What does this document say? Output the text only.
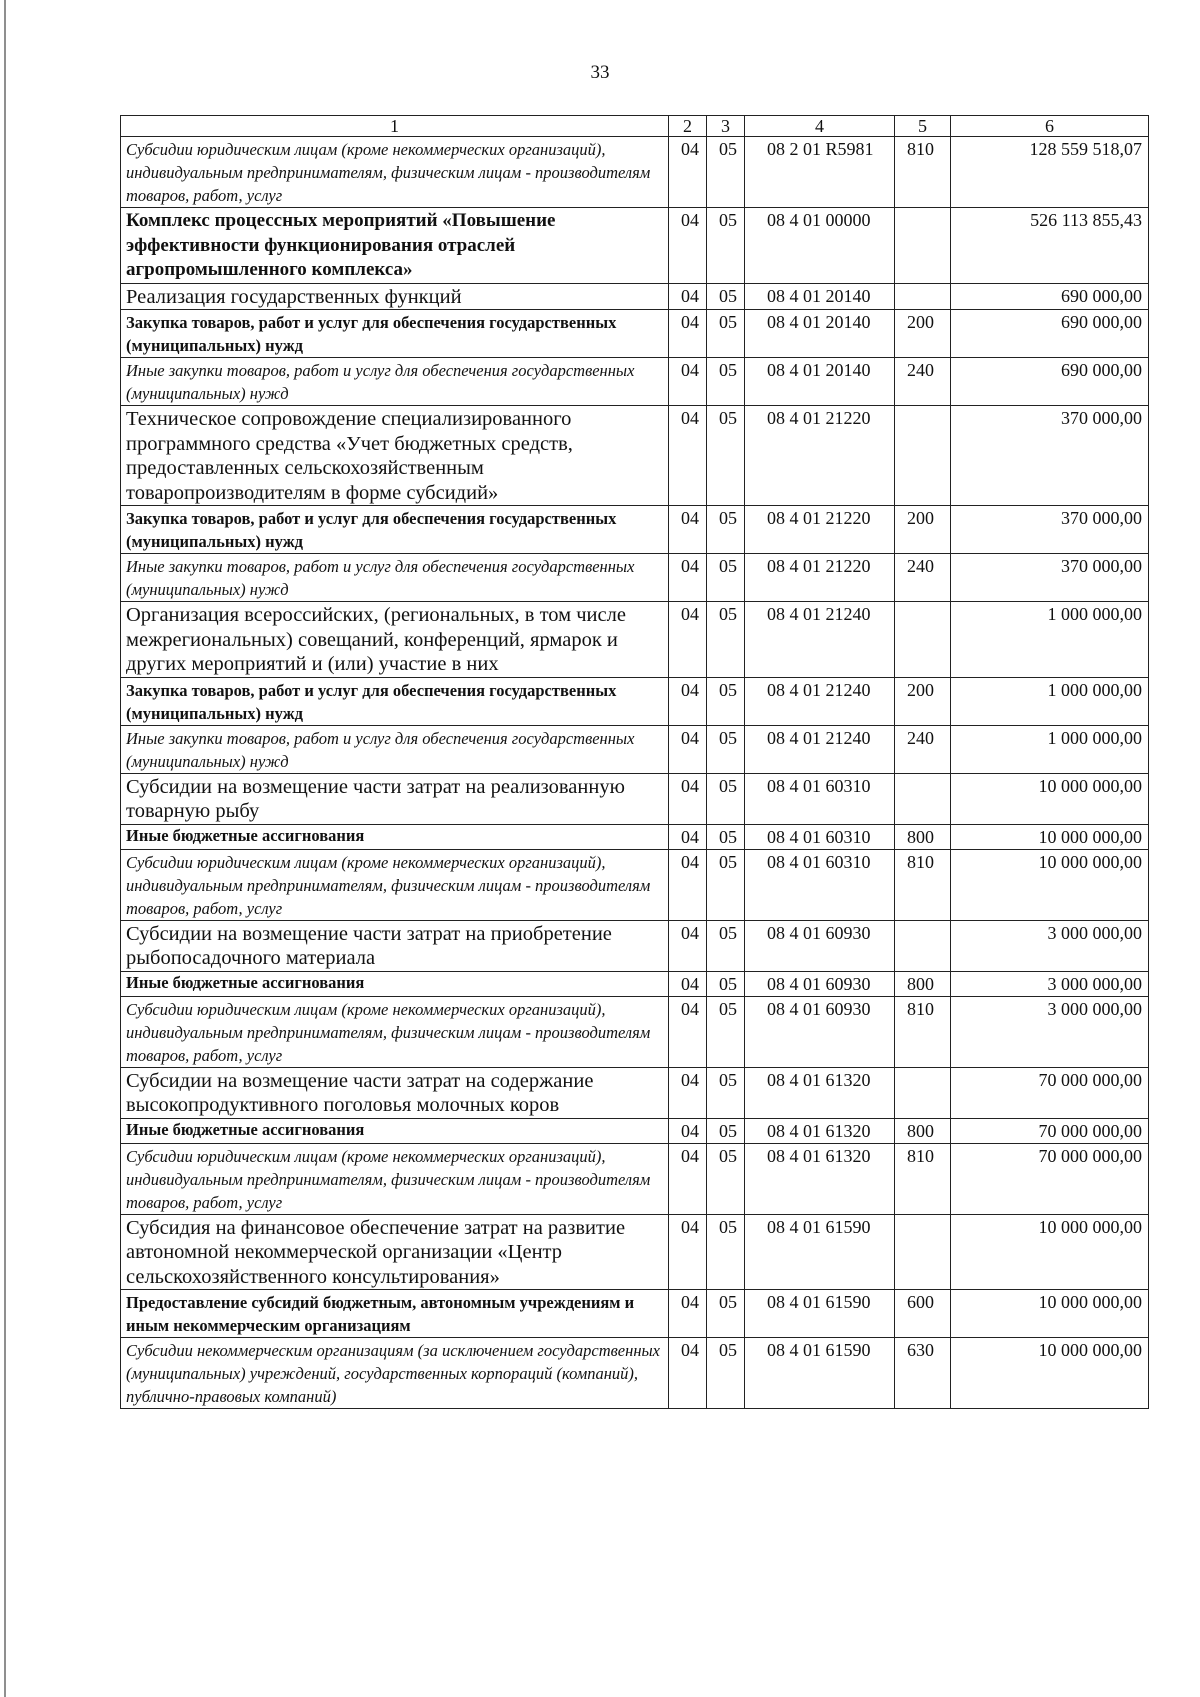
33
1	2	3	4	5	6
Субсидии юридическим лицам (кроме некоммерческих организаций), индивидуальным предпринимателям, физическим лицам - производителям товаров, работ, услуг	04	05	08 2 01 R5981	810	128 559 518,07
Комплекс процессных мероприятий «Повышение эффективности функционирования отраслей агропромышленного комплекса»	04	05	08 4 01 00000		526 113 855,43
Реализация государственных функций	04	05	08 4 01 20140		690 000,00
Закупка товаров, работ и услуг для обеспечения государственных (муниципальных) нужд	04	05	08 4 01 20140	200	690 000,00
Иные закупки товаров, работ и услуг для обеспечения государственных (муниципальных) нужд	04	05	08 4 01 20140	240	690 000,00
Техническое сопровождение специализированного программного средства «Учет бюджетных средств, предоставленных сельскохозяйственным товаропроизводителям в форме субсидий»	04	05	08 4 01 21220		370 000,00
Закупка товаров, работ и услуг для обеспечения государственных (муниципальных) нужд	04	05	08 4 01 21220	200	370 000,00
Иные закупки товаров, работ и услуг для обеспечения государственных (муниципальных) нужд	04	05	08 4 01 21220	240	370 000,00
Организация всероссийских, (региональных, в том числе межрегиональных) совещаний, конференций, ярмарок и других мероприятий и (или) участие в них	04	05	08 4 01 21240		1 000 000,00
Закупка товаров, работ и услуг для обеспечения государственных (муниципальных) нужд	04	05	08 4 01 21240	200	1 000 000,00
Иные закупки товаров, работ и услуг для обеспечения государственных (муниципальных) нужд	04	05	08 4 01 21240	240	1 000 000,00
Субсидии на возмещение части затрат на реализованную товарную рыбу	04	05	08 4 01 60310		10 000 000,00
Иные бюджетные ассигнования	04	05	08 4 01 60310	800	10 000 000,00
Субсидии юридическим лицам (кроме некоммерческих организаций), индивидуальным предпринимателям, физическим лицам - производителям товаров, работ, услуг	04	05	08 4 01 60310	810	10 000 000,00
Субсидии на возмещение части затрат на приобретение рыбопосадочного материала	04	05	08 4 01 60930		3 000 000,00
Иные бюджетные ассигнования	04	05	08 4 01 60930	800	3 000 000,00
Субсидии юридическим лицам (кроме некоммерческих организаций), индивидуальным предпринимателям, физическим лицам - производителям товаров, работ, услуг	04	05	08 4 01 60930	810	3 000 000,00
Субсидии на возмещение части затрат на содержание высокопродуктивного поголовья молочных коров	04	05	08 4 01 61320		70 000 000,00
Иные бюджетные ассигнования	04	05	08 4 01 61320	800	70 000 000,00
Субсидии юридическим лицам (кроме некоммерческих организаций), индивидуальным предпринимателям, физическим лицам - производителям товаров, работ, услуг	04	05	08 4 01 61320	810	70 000 000,00
Субсидия на финансовое обеспечение затрат на развитие автономной некоммерческой организации «Центр сельскохозяйственного консультирования»	04	05	08 4 01 61590		10 000 000,00
Предоставление субсидий бюджетным, автономным учреждениям и иным некоммерческим организациям	04	05	08 4 01 61590	600	10 000 000,00
Субсидии некоммерческим организациям (за исключением государственных (муниципальных) учреждений, государственных корпораций (компаний), публично-правовых компаний)	04	05	08 4 01 61590	630	10 000 000,00
